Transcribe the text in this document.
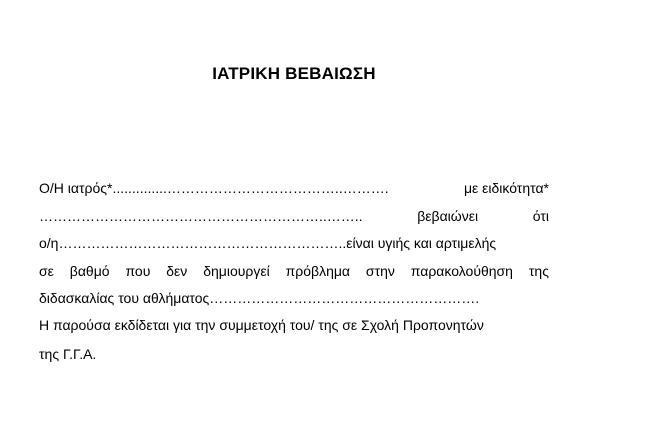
ΙΑΤΡΙΚΗ ΒΕΒΑΙΩΣΗ
Ο/Η ιατρός*..............………………………………..……….	με ειδικότητα*
……………………………………………………..……..	βεβαιώνει	ότι
ο/η……………………………………………………..είναι υγιής και αρτιμελής
σε βαθμό που δεν δημιουργεί πρόβλημα στην παρακολούθηση της
διδασκαλίας του αθλήματος………………………………………………….
Η παρούσα εκδίδεται για την συμμετοχή του/ της σε Σχολή Προπονητών
της Γ.Γ.Α.
